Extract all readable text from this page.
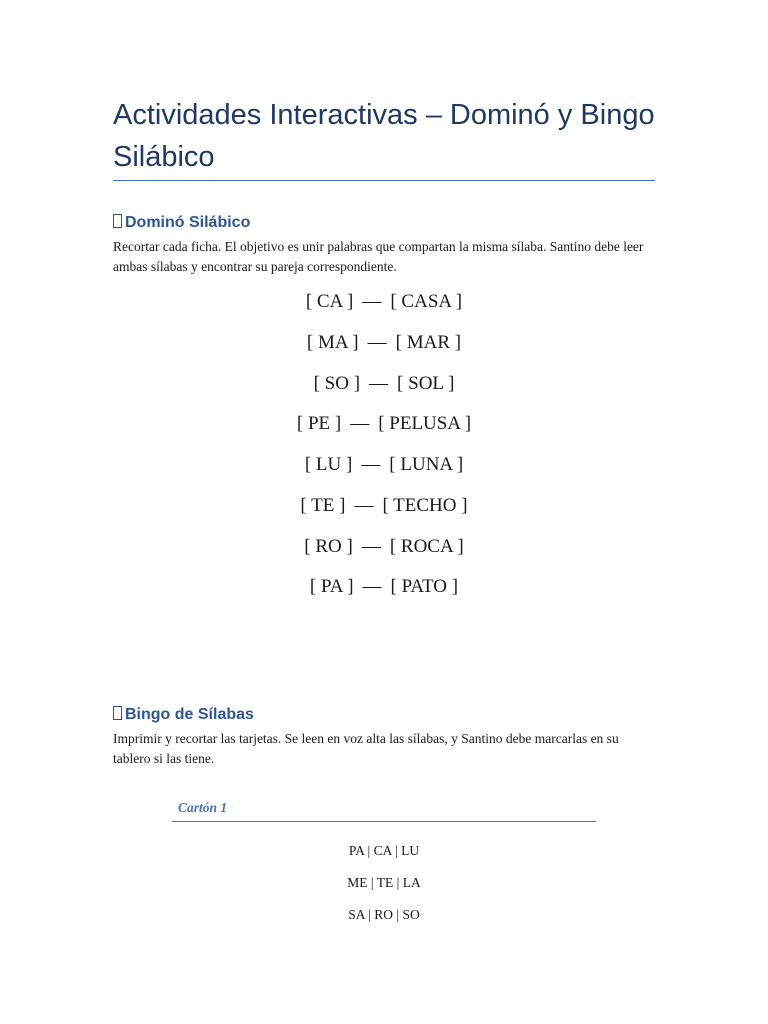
Actividades Interactivas – Dominó y Bingo Silábico
Dominó Silábico

Recortar cada ficha. El objetivo es unir palabras que compartan la misma sílaba. Santino debe leer ambas sílabas y encontrar su pareja correspondiente.

[ CA ] — [ CASA ]
[ MA ] — [ MAR ]
[ SO ] — [ SOL ]
[ PE ] — [ PELUSA ]
[ LU ] — [ LUNA ]
[ TE ] — [ TECHO ]
[ RO ] — [ ROCA ]
[ PA ] — [ PATO ]
Bingo de Sílabas

Imprimir y recortar las tarjetas. Se leen en voz alta las sílabas, y Santino debe marcarlas en su tablero si las tiene.

Cartón 1
PA | CA | LU
ME | TE | LA
SA | RO | SO
